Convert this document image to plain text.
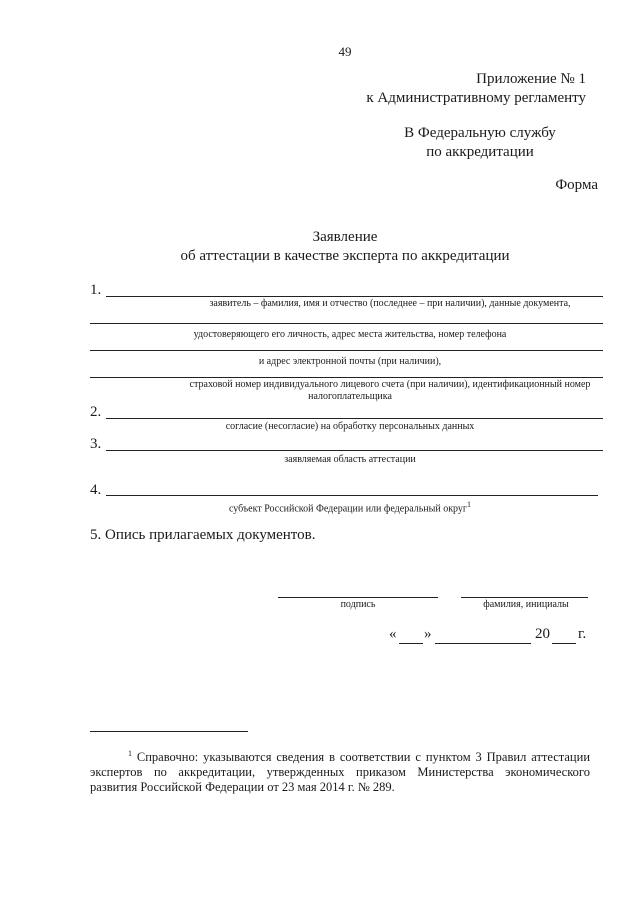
49
Приложение № 1
к Административному регламенту
В Федеральную службу
по аккредитации
Форма
Заявление
об аттестации в качестве эксперта по аккредитации
1.
заявитель – фамилия, имя и отчество (последнее – при наличии), данные документа,
удостоверяющего его личность, адрес места жительства, номер телефона
и адрес электронной почты (при наличии),
страховой номер индивидуального лицевого счета (при наличии), идентификационный номер
налогоплательщика
2.
согласие (несогласие) на обработку персональных данных
3.
заявляемая область аттестации
4.
субъект Российской Федерации или федеральный округ$^1$
5. Опись прилагаемых документов.
подпись	фамилия, инициалы
« »	20 г.
$^1$ Справочно: указываются сведения в соответствии с пунктом 3 Правил аттестации экспертов по аккредитации, утвержденных приказом Министерства экономического развития Российской Федерации от 23 мая 2014 г. № 289.
